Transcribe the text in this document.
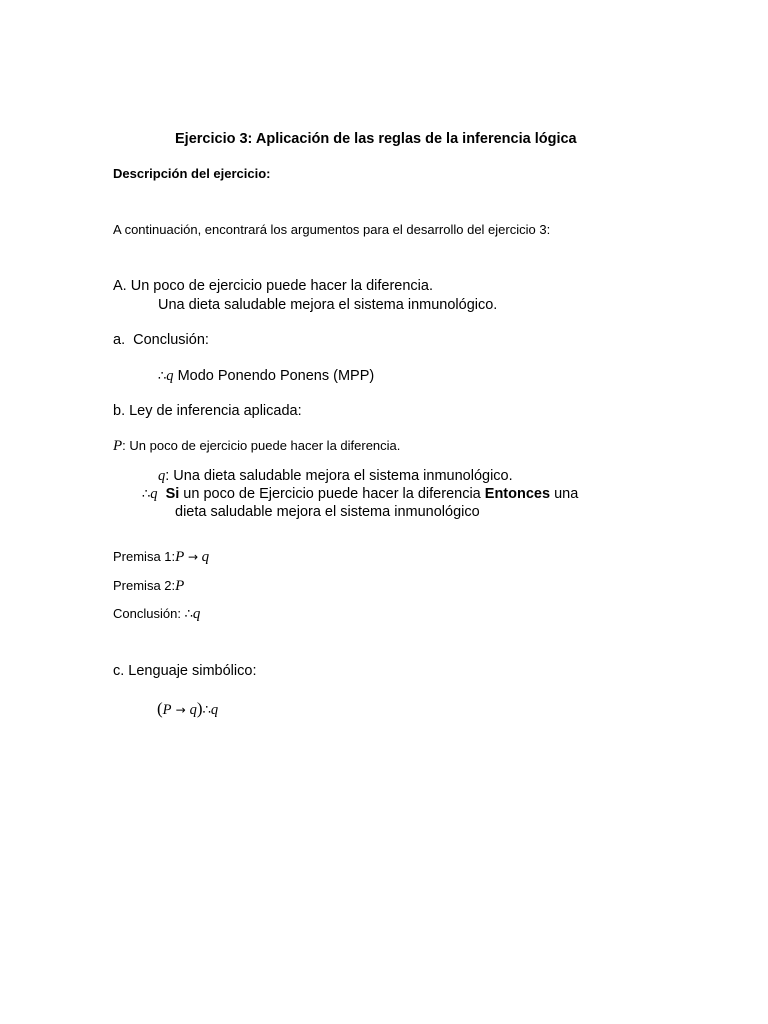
Ejercicio 3: Aplicación de las reglas de la inferencia lógica
Descripción del ejercicio:
A continuación, encontrará los argumentos para el desarrollo del ejercicio 3:
A. Un poco de ejercicio puede hacer la diferencia.
Una dieta saludable mejora el sistema inmunológico.
a.  Conclusión:
∴q Modo Ponendo Ponens (MPP)
b. Ley de inferencia aplicada:
P: Un poco de ejercicio puede hacer la diferencia.
q: Una dieta saludable mejora el sistema inmunológico.
∴q Si un poco de Ejercicio puede hacer la diferencia Entonces una
dieta saludable mejora el sistema inmunológico
Premisa 1:P → q
Premisa 2:P
Conclusión: ∴q
c. Lenguaje simbólico:
(P → q)∴q
